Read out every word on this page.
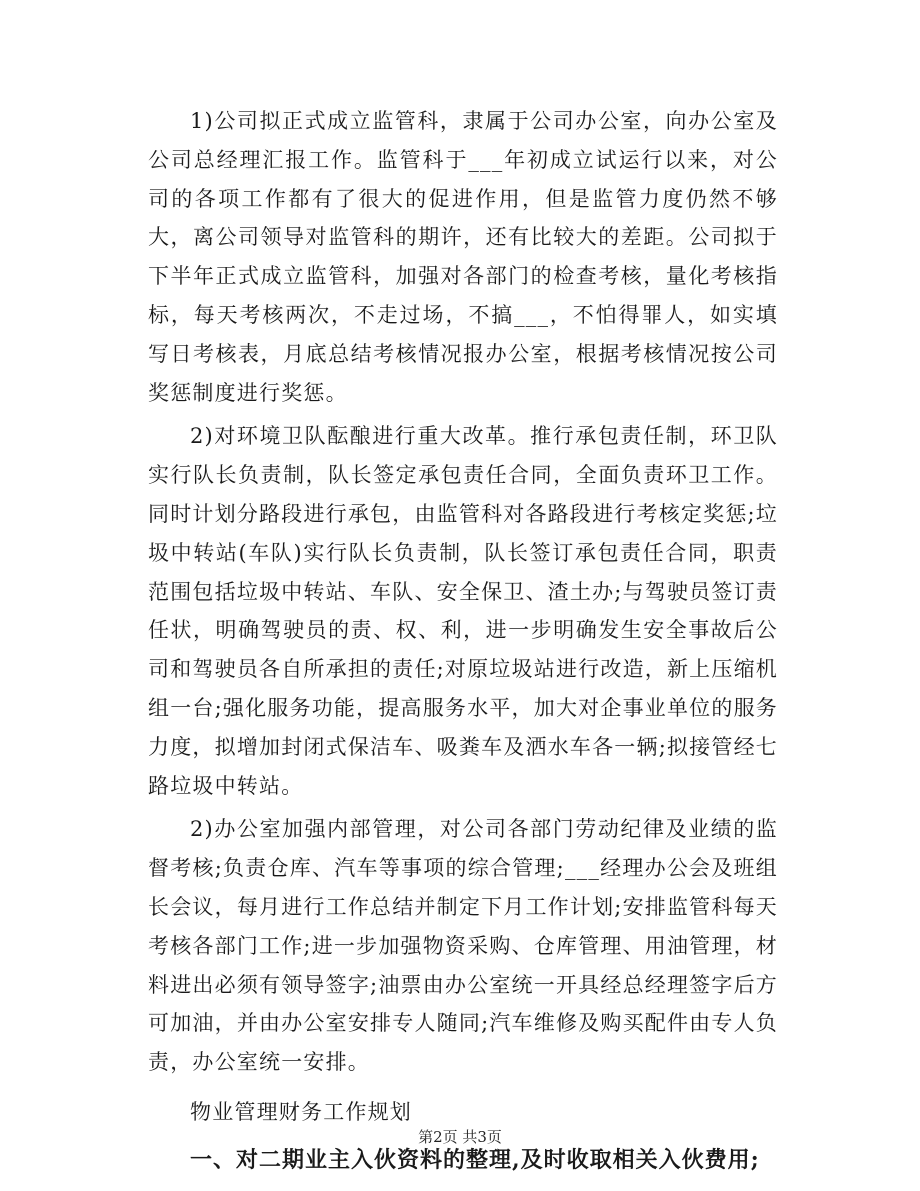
1)公司拟正式成立监管科，隶属于公司办公室，向办公室及公司总经理汇报工作。监管科于___年初成立试运行以来，对公司的各项工作都有了很大的促进作用，但是监管力度仍然不够大，离公司领导对监管科的期许，还有比较大的差距。公司拟于下半年正式成立监管科，加强对各部门的检查考核，量化考核指标，每天考核两次，不走过场，不搞___，不怕得罪人，如实填写日考核表，月底总结考核情况报办公室，根据考核情况按公司奖惩制度进行奖惩。

2)对环境卫队酝酿进行重大改革。推行承包责任制，环卫队实行队长负责制，队长签定承包责任合同，全面负责环卫工作。同时计划分路段进行承包，由监管科对各路段进行考核定奖惩;垃圾中转站(车队)实行队长负责制，队长签订承包责任合同，职责范围包括垃圾中转站、车队、安全保卫、渣土办;与驾驶员签订责任状，明确驾驶员的责、权、利，进一步明确发生安全事故后公司和驾驶员各自所承担的责任;对原垃圾站进行改造，新上压缩机组一台;强化服务功能，提高服务水平，加大对企事业单位的服务力度，拟增加封闭式保洁车、吸粪车及洒水车各一辆;拟接管经七路垃圾中转站。

2)办公室加强内部管理，对公司各部门劳动纪律及业绩的监督考核;负责仓库、汽车等事项的综合管理;___经理办公会及班组长会议，每月进行工作总结并制定下月工作计划;安排监管科每天考核各部门工作;进一步加强物资采购、仓库管理、用油管理，材料进出必须有领导签字;油票由办公室统一开具经总经理签字后方可加油，并由办公室安排专人随同;汽车维修及购买配件由专人负责，办公室统一安排。

物业管理财务工作规划

一、对二期业主入伙资料的整理,及时收取相关入伙费用;

第2页 共3页
